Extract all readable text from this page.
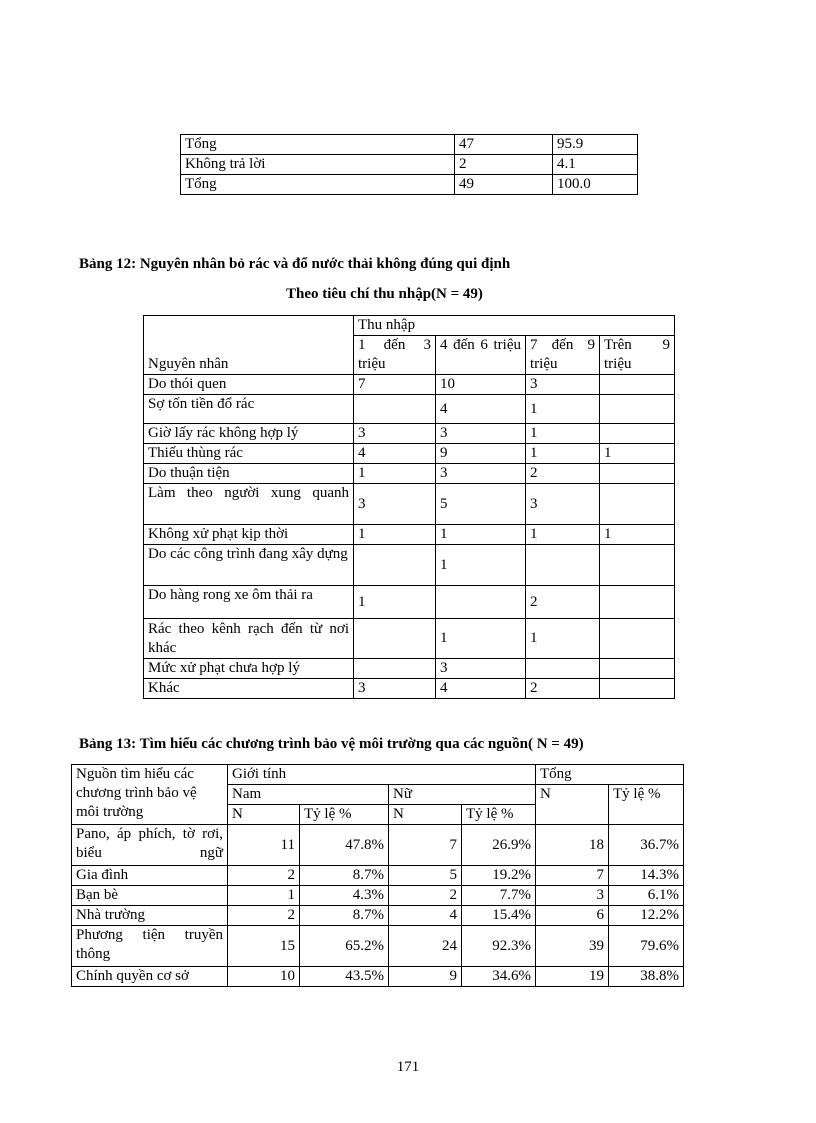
Tổng	47	95.9
Không trả lời	2	4.1
Tổng	49	100.0
Bảng 12: Nguyên nhân bỏ rác và đổ nước thải không đúng qui định
Theo tiêu chí thu nhập(N = 49)
Nguyên nhân	Thu nhập			

	1 đến 3 triệu	4 đến 6 triệu	7 đến 9 triệu	Trên 9 triệu

Do thói quen	7	10	3	
Sợ tốn tiền đổ rác		4	1	
Giờ lấy rác không hợp lý	3	3	1	
Thiếu thùng rác	4	9	1	1
Do thuận tiện	1	3	2	

Làm theo người xung quanh	3	5	3	
Không xử phạt kịp thời	1	1	1	1
Do các công trình đang xây dựng		1		
Do hàng rong xe ôm thải ra	1		2	

Rác theo kênh rạch đến từ nơi khác		1	1	
Mức xử phạt chưa hợp lý		3		
Khác	3	4	2	
Bảng 13: Tìm hiểu các chương trình bảo vệ môi trường qua các nguồn( N = 49)
Nguồn tìm hiểu các chương trình bảo vệ môi trường	Giới tính				Tổng	
	Nam		Nữ		N	Tỷ lệ %
	N	Tỷ lệ %	N	Tỷ lệ %		

Pano, áp phích, tờ rơi, biểu ngữ	11	47.8%	7	26.9%	18	36.7%
Gia đình	2	8.7%	5	19.2%	7	14.3%
Bạn bè	1	4.3%	2	7.7%	3	6.1%
Nhà trường	2	8.7%	4	15.4%	6	12.2%

Phương tiện truyền thông	15	65.2%	24	92.3%	39	79.6%
Chính quyền cơ sở	10	43.5%	9	34.6%	19	38.8%
171
